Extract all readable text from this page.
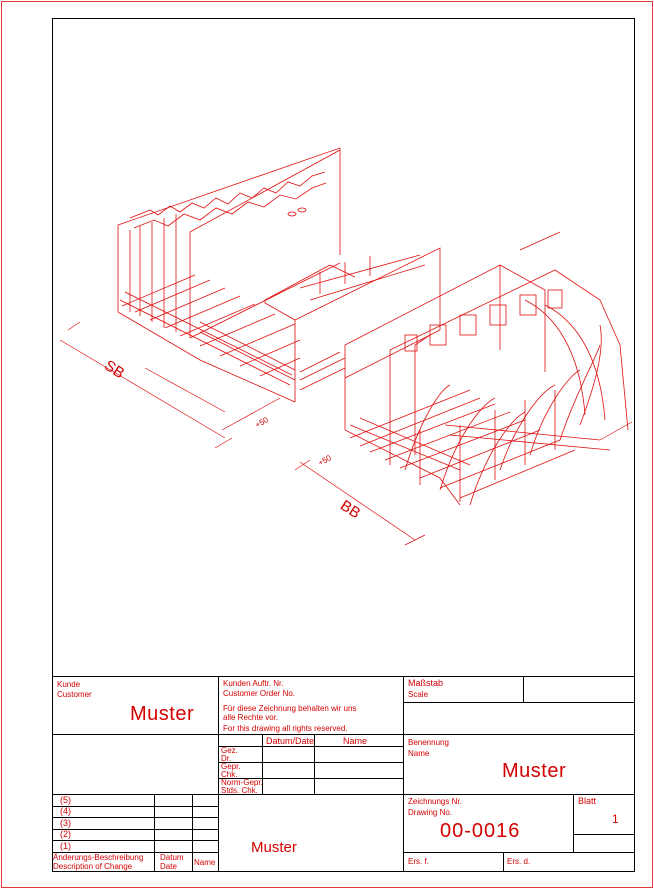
SB
BB
+50
+50
Kunde
Customer
Muster
Kunden Auftr. Nr.
Customer Order No.
Für diese Zeichnung behalten wir uns
alle Rechte vor.
For this drawing all rights reserved.
Maßstab
Scale
Datum/Date	Name
Gez.
Dr.
Gepr.
Chk.
Norm-Gepr.
Stds. Chk.
Benennung
Name
Muster
(5)
(4)
(3)
(2)
(1)
Änderungs-Beschreibung
Description of Change
Datum
Date Name
Muster
Zeichnungs Nr.
Drawing No.
00-0016
Blatt
1
Ers. f.	Ers. d.
